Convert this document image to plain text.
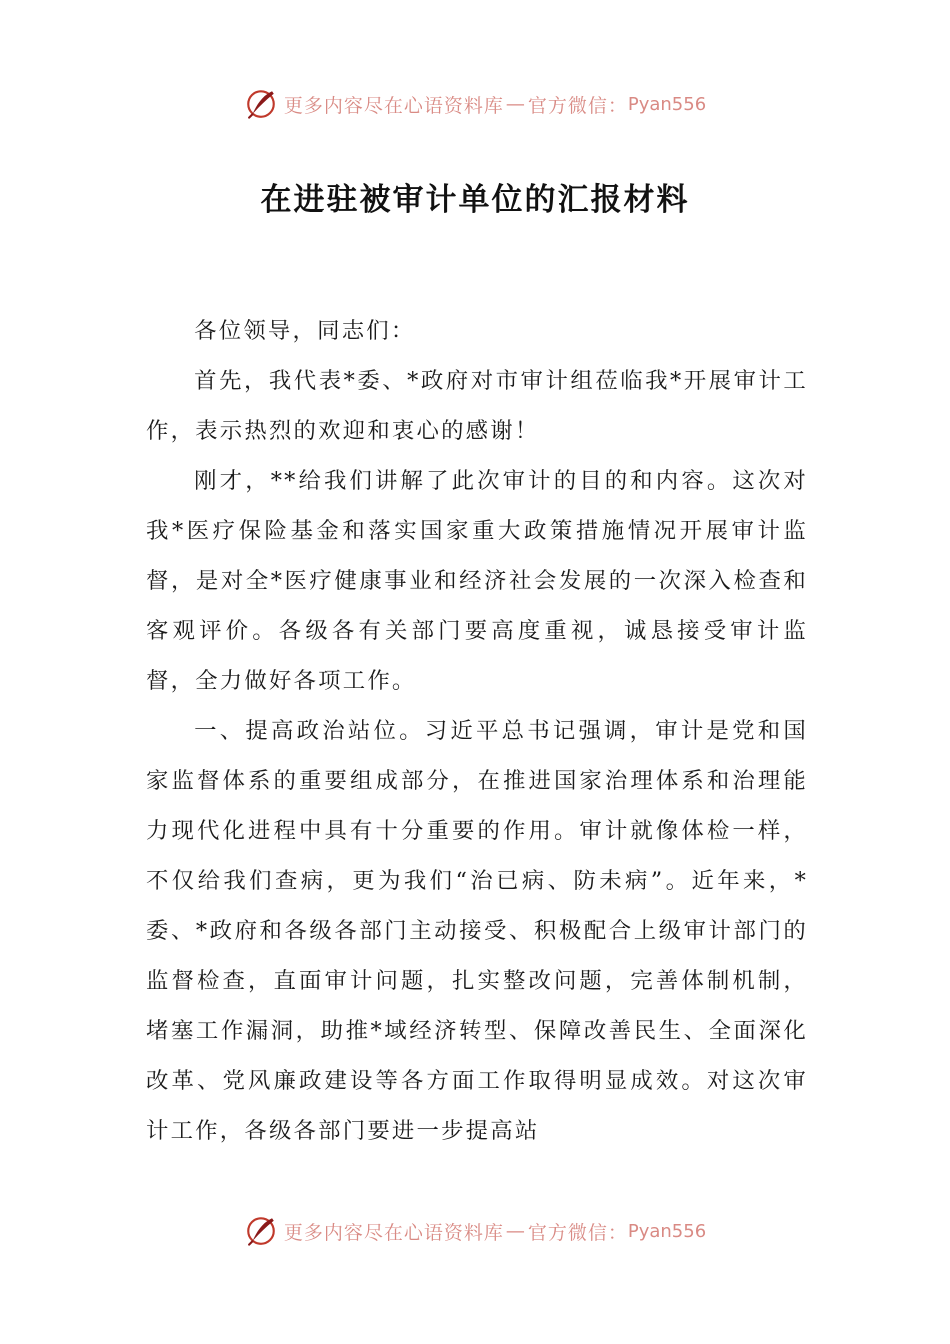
更多内容尽在心语资料库 — 官方微信： Pyan556
在进驻被审计单位的汇报材料

各位领导，同志们：

首先，我代表*委、*政府对市审计组莅临我*开展审计工作，表示热烈的欢迎和衷心的感谢！

刚才，**给我们讲解了此次审计的目的和内容。这次对我*医疗保险基金和落实国家重大政策措施情况开展审计监督，是对全*医疗健康事业和经济社会发展的一次深入检查和客观评价。各级各有关部门要高度重视，诚恳接受审计监督，全力做好各项工作。

一、提高政治站位。习近平总书记强调，审计是党和国家监督体系的重要组成部分，在推进国家治理体系和治理能力现代化进程中具有十分重要的作用。审计就像体检一样，不仅给我们查病，更为我们“治已病、防未病”。近年来，*委、*政府和各级各部门主动接受、积极配合上级审计部门的监督检查，直面审计问题，扎实整改问题，完善体制机制，堵塞工作漏洞，助推*域经济转型、保障改善民生、全面深化改革、党风廉政建设等各方面工作取得明显成效。对这次审计工作，各级各部门要进一步提高站

更多内容尽在心语资料库 — 官方微信： Pyan556
